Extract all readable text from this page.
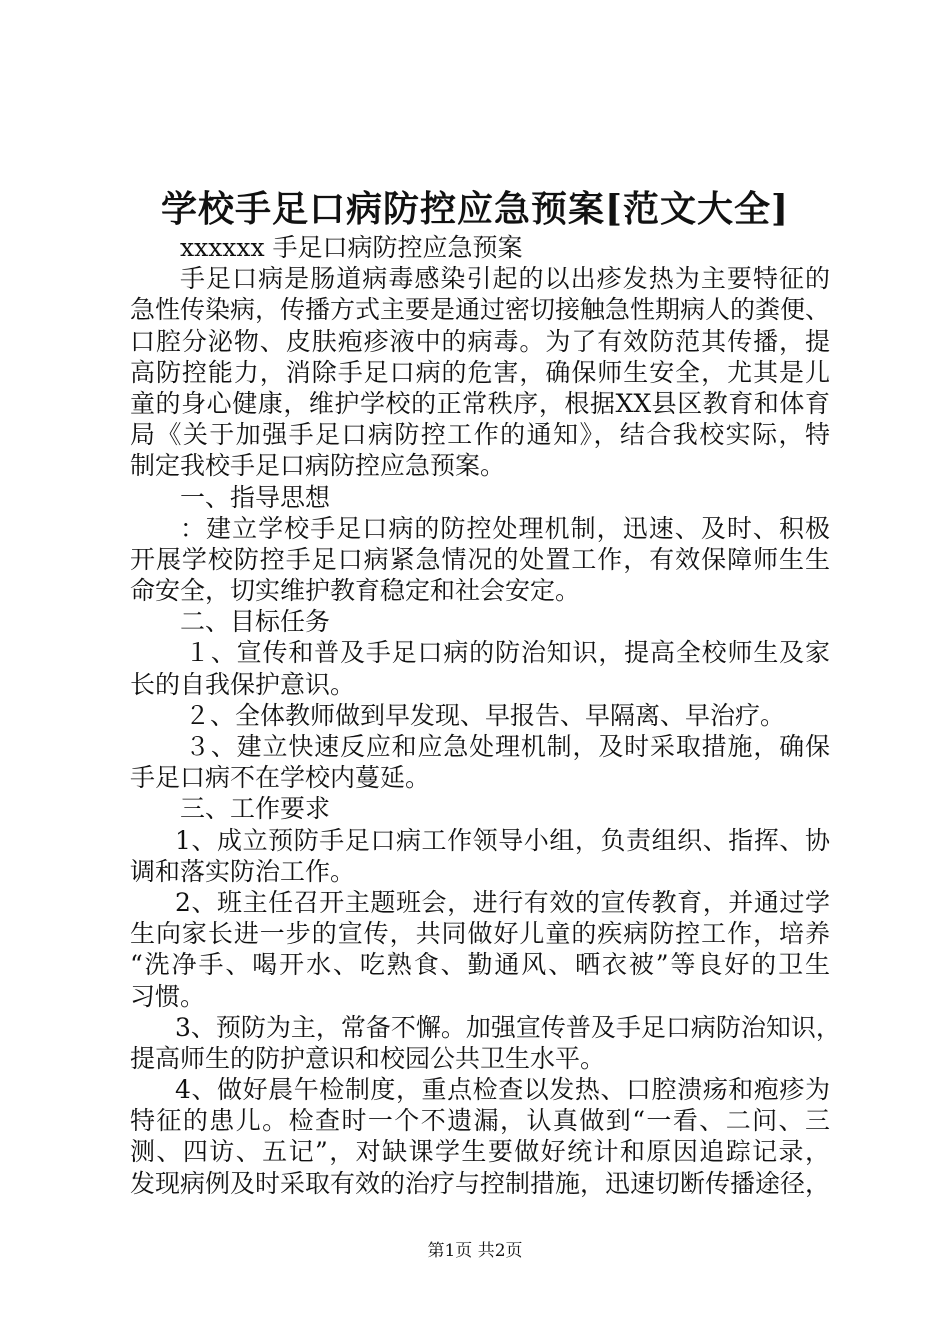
学校手足口病防控应急预案[范文大全]
xxxxxx 手足口病防控应急预案
手足口病是肠道病毒感染引起的以出疹发热为主要特征的
急性传染病，传播方式主要是通过密切接触急性期病人的粪便、
口腔分泌物、皮肤疱疹液中的病毒。为了有效防范其传播，提
高防控能力，消除手足口病的危害，确保师生安全，尤其是儿
童的身心健康，维护学校的正常秩序，根据XX县区教育和体育
局《关于加强手足口病防控工作的通知》，结合我校实际，特
制定我校手足口病防控应急预案。
一、指导思想
：建立学校手足口病的防控处理机制，迅速、及时、积极
开展学校防控手足口病紧急情况的处置工作，有效保障师生生
命安全，切实维护教育稳定和社会安定。
二、目标任务
１、宣传和普及手足口病的防治知识，提高全校师生及家
长的自我保护意识。
２、全体教师做到早发现、早报告、早隔离、早治疗。
３、建立快速反应和应急处理机制，及时采取措施，确保
手足口病不在学校内蔓延。
三、工作要求
1、成立预防手足口病工作领导小组，负责组织、指挥、协
调和落实防治工作。
2、班主任召开主题班会，进行有效的宣传教育，并通过学
生向家长进一步的宣传，共同做好儿童的疾病防控工作，培养
“洗净手、喝开水、吃熟食、勤通风、晒衣被”等良好的卫生
习惯。
3、预防为主，常备不懈。加强宣传普及手足口病防治知识，
提高师生的防护意识和校园公共卫生水平。
4、做好晨午检制度，重点检查以发热、口腔溃疡和疱疹为
特征的患儿。检查时一个不遗漏，认真做到“一看、二问、三
测、四访、五记”，对缺课学生要做好统计和原因追踪记录，
发现病例及时采取有效的治疗与控制措施，迅速切断传播途径，
第1页 共2页
